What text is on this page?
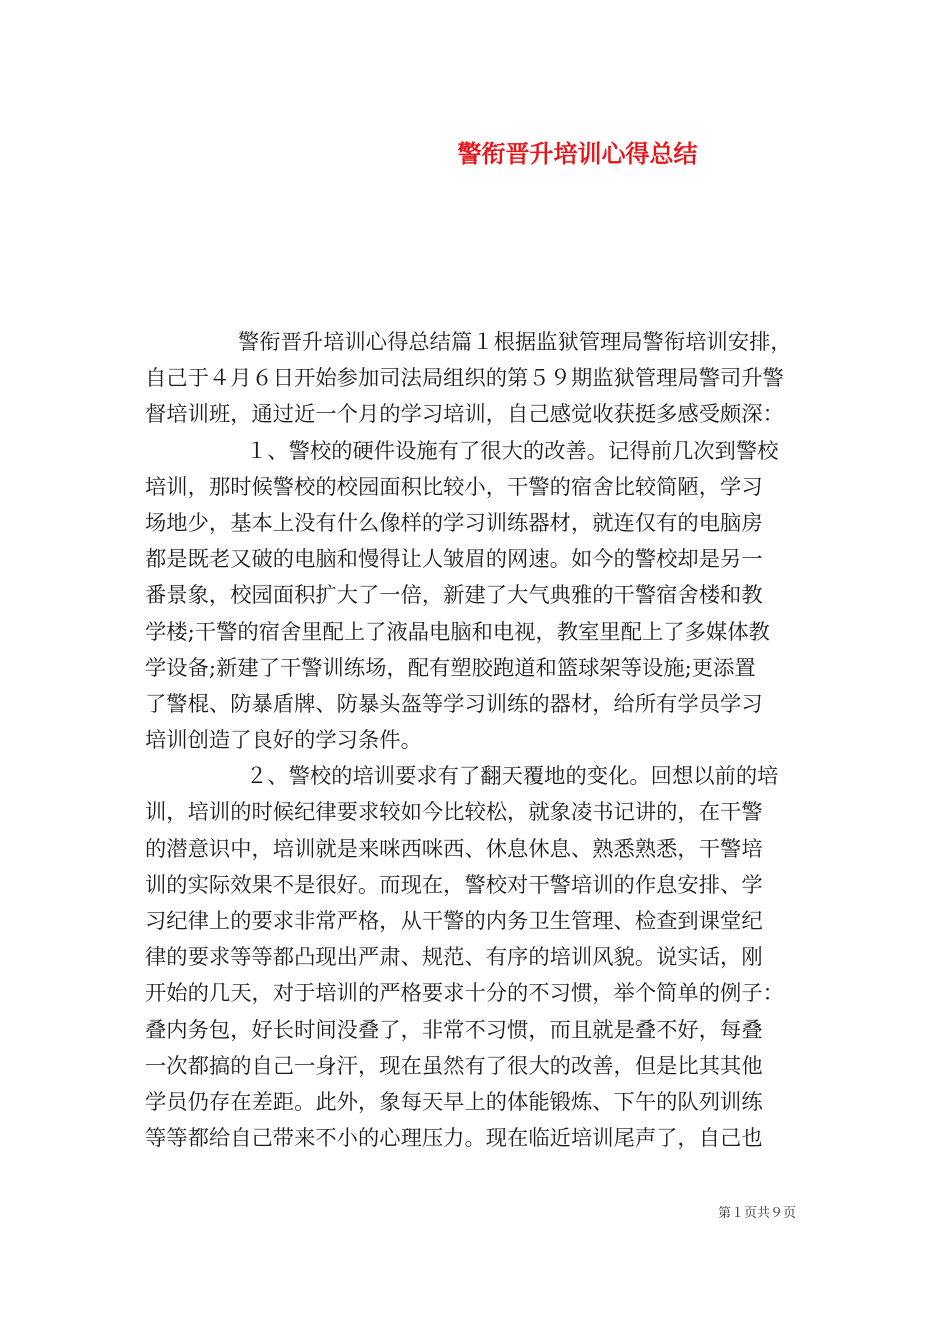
警衔晋升培训心得总结
警衔晋升培训心得总结篇１根据监狱管理局警衔培训安排，
自己于４月６日开始参加司法局组织的第５９期监狱管理局警司升警
督培训班，通过近一个月的学习培训，自己感觉收获挺多感受颇深：
１、警校的硬件设施有了很大的改善。记得前几次到警校
培训，那时候警校的校园面积比较小，干警的宿舍比较简陋，学习
场地少，基本上没有什么像样的学习训练器材，就连仅有的电脑房
都是既老又破的电脑和慢得让人皱眉的网速。如今的警校却是另一
番景象，校园面积扩大了一倍，新建了大气典雅的干警宿舍楼和教
学楼;干警的宿舍里配上了液晶电脑和电视，教室里配上了多媒体教
学设备;新建了干警训练场，配有塑胶跑道和篮球架等设施;更添置
了警棍、防暴盾牌、防暴头盔等学习训练的器材，给所有学员学习
培训创造了良好的学习条件。
２、警校的培训要求有了翻天覆地的变化。回想以前的培
训，培训的时候纪律要求较如今比较松，就象凌书记讲的，在干警
的潜意识中，培训就是来咪西咪西、休息休息、熟悉熟悉，干警培
训的实际效果不是很好。而现在，警校对干警培训的作息安排、学
习纪律上的要求非常严格，从干警的内务卫生管理、检查到课堂纪
律的要求等等都凸现出严肃、规范、有序的培训风貌。说实话，刚
开始的几天，对于培训的严格要求十分的不习惯，举个简单的例子：
叠内务包，好长时间没叠了，非常不习惯，而且就是叠不好，每叠
一次都搞的自己一身汗，现在虽然有了很大的改善，但是比其其他
学员仍存在差距。此外，象每天早上的体能锻炼、下午的队列训练
等等都给自己带来不小的心理压力。现在临近培训尾声了，自己也
第１页共９页
